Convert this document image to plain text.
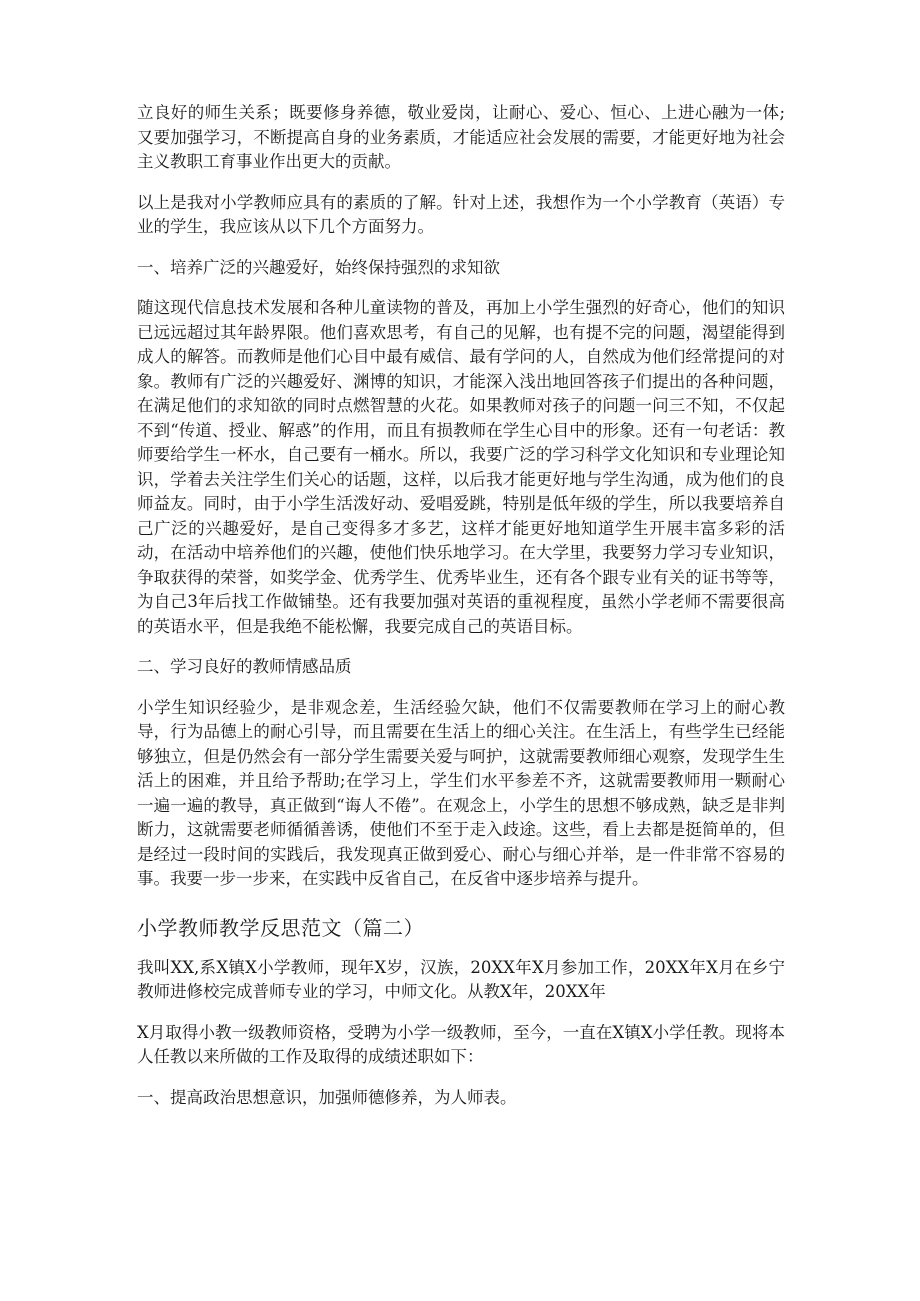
立良好的师生关系；既要修身养德，敬业爱岗，让耐心、爱心、恒心、上进心融为一体;又要加强学习，不断提高自身的业务素质，才能适应社会发展的需要，才能更好地为社会主义教职工育事业作出更大的贡献。

以上是我对小学教师应具有的素质的了解。针对上述，我想作为一个小学教育（英语）专业的学生，我应该从以下几个方面努力。

一、培养广泛的兴趣爱好，始终保持强烈的求知欲

随这现代信息技术发展和各种儿童读物的普及，再加上小学生强烈的好奇心，他们的知识已远远超过其年龄界限。他们喜欢思考，有自己的见解，也有提不完的问题，渴望能得到成人的解答。而教师是他们心目中最有威信、最有学问的人，自然成为他们经常提问的对象。教师有广泛的兴趣爱好、渊博的知识，才能深入浅出地回答孩子们提出的各种问题，在满足他们的求知欲的同时点燃智慧的火花。如果教师对孩子的问题一问三不知，不仅起不到“传道、授业、解惑”的作用，而且有损教师在学生心目中的形象。还有一句老话：教师要给学生一杯水，自己要有一桶水。所以，我要广泛的学习科学文化知识和专业理论知识，学着去关注学生们关心的话题，这样，以后我才能更好地与学生沟通，成为他们的良师益友。同时，由于小学生活泼好动、爱唱爱跳，特别是低年级的学生，所以我要培养自己广泛的兴趣爱好，是自己变得多才多艺，这样才能更好地知道学生开展丰富多彩的活动，在活动中培养他们的兴趣，使他们快乐地学习。在大学里，我要努力学习专业知识，争取获得的荣誉，如奖学金、优秀学生、优秀毕业生，还有各个跟专业有关的证书等等，为自己3年后找工作做铺垫。还有我要加强对英语的重视程度，虽然小学老师不需要很高的英语水平，但是我绝不能松懈，我要完成自己的英语目标。

二、学习良好的教师情感品质

小学生知识经验少，是非观念差，生活经验欠缺，他们不仅需要教师在学习上的耐心教导，行为品德上的耐心引导，而且需要在生活上的细心关注。在生活上，有些学生已经能够独立，但是仍然会有一部分学生需要关爱与呵护，这就需要教师细心观察，发现学生生活上的困难，并且给予帮助;在学习上，学生们水平参差不齐，这就需要教师用一颗耐心一遍一遍的教导，真正做到“诲人不倦”。在观念上，小学生的思想不够成熟，缺乏是非判断力，这就需要老师循循善诱，使他们不至于走入歧途。这些，看上去都是挺简单的，但是经过一段时间的实践后，我发现真正做到爱心、耐心与细心并举，是一件非常不容易的事。我要一步一步来，在实践中反省自己，在反省中逐步培养与提升。

小学教师教学反思范文（篇二）

我叫XX,系X镇X小学教师，现年X岁，汉族，20XX年X月参加工作，20XX年X月在乡宁教师进修校完成普师专业的学习，中师文化。从教X年，20XX年

X月取得小教一级教师资格，受聘为小学一级教师，至今，一直在X镇X小学任教。现将本人任教以来所做的工作及取得的成绩述职如下：

一、提高政治思想意识，加强师德修养，为人师表。
